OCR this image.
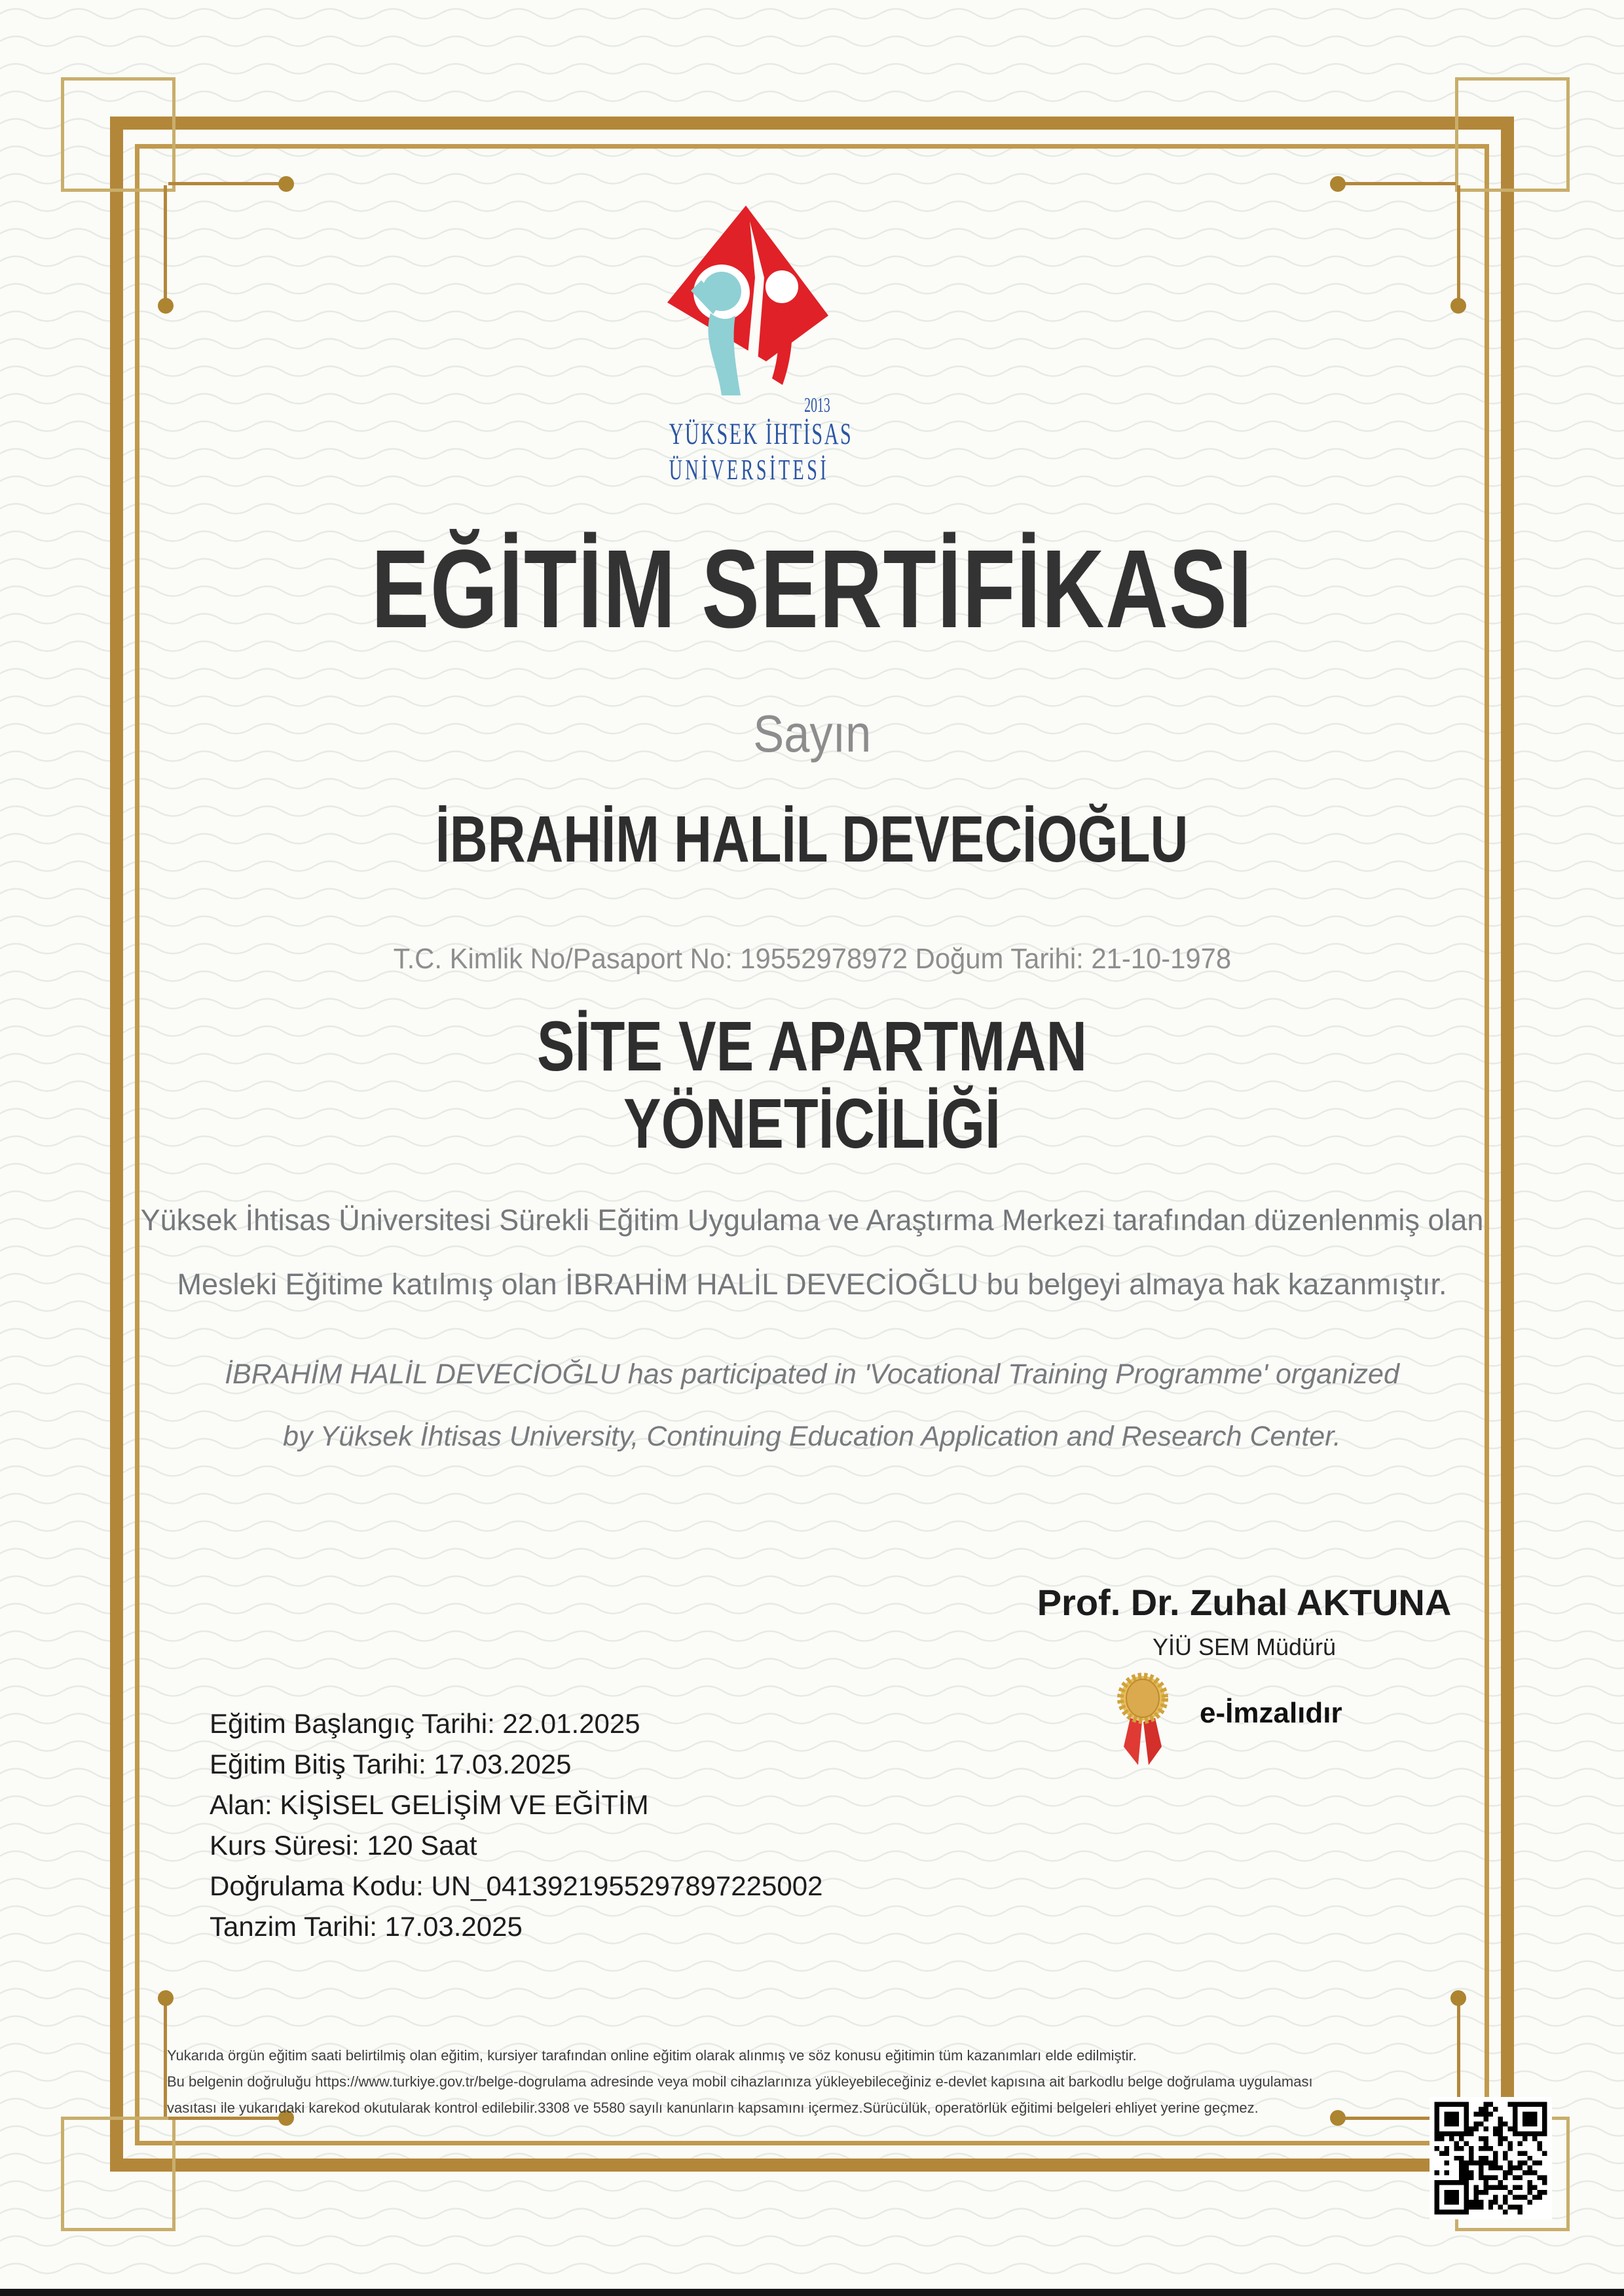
2013
YÜKSEK İHTİSAS
ÜNİVERSİTESİ
EĞİTİM SERTİFİKASI
Sayın
İBRAHİM HALİL DEVECİOĞLU
T.C. Kimlik No/Pasaport No: 19552978972 Doğum Tarihi: 21-10-1978
SİTE VE APARTMAN
YÖNETİCİLİĞİ
Yüksek İhtisas Üniversitesi Sürekli Eğitim Uygulama ve Araştırma Merkezi tarafından düzenlenmiş olan Mesleki Eğitime katılmış olan İBRAHİM HALİL DEVECİOĞLU bu belgeyi almaya hak kazanmıştır.
İBRAHİM HALİL DEVECİOĞLU has participated in 'Vocational Training Programme' organized by Yüksek İhtisas University, Continuing Education Application and Research Center.
Prof. Dr. Zuhal AKTUNA
YİÜ SEM Müdürü
e-İmzalıdır
Eğitim Başlangıç Tarihi: 22.01.2025
Eğitim Bitiş Tarihi: 17.03.2025
Alan: KİŞİSEL GELİŞİM VE EĞİTİM
Kurs Süresi: 120 Saat
Doğrulama Kodu: UN_0413921955297897225002
Tanzim Tarihi: 17.03.2025
Yukarıda örgün eğitim saati belirtilmiş olan eğitim, kursiyer tarafından online eğitim olarak alınmış ve söz konusu eğitimin tüm kazanımları elde edilmiştir.
Bu belgenin doğruluğu https://www.turkiye.gov.tr/belge-dogrulama adresinde veya mobil cihazlarınıza yükleyebileceğiniz e-devlet kapısına ait barkodlu belge doğrulama uygulaması
vasıtası ile yukarıdaki karekod okutularak kontrol edilebilir.3308 ve 5580 sayılı kanunların kapsamını içermez.Sürücülük, operatörlük eğitimi belgeleri ehliyet yerine geçmez.
